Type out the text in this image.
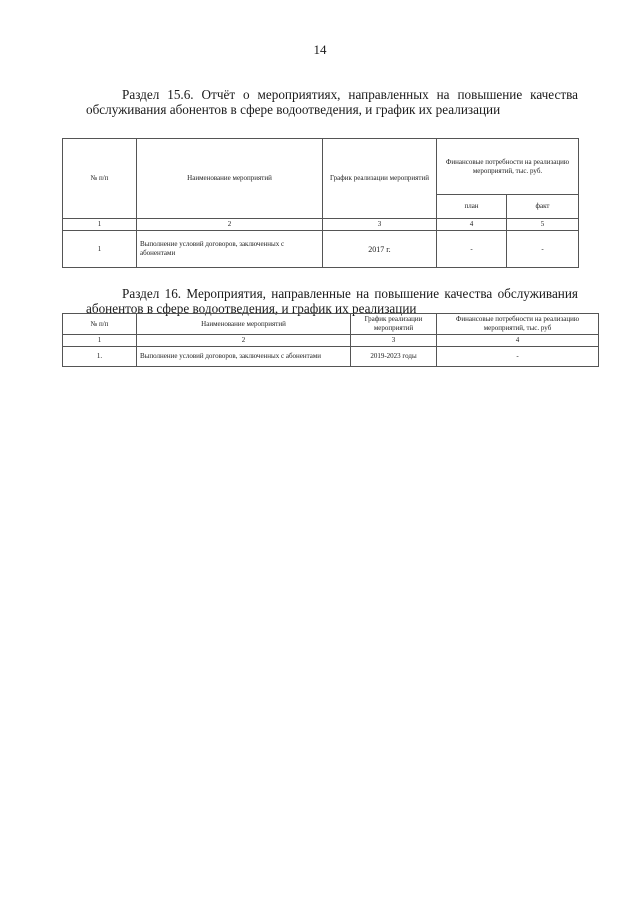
14

Раздел 15.6. Отчёт о мероприятиях, направленных на повышение качества обслуживания абонентов в сфере водоотведения, и график их реализации

№ п/п	Наименование мероприятий	График реализации мероприятий	Финансовые потребности на реализацию мероприятий, тыс. руб.	
			план	факт
1	2	3	4	5
1	Выполнение условий договоров, заключенных с абонентами	2017 г.	-	-

Раздел 16. Мероприятия, направленные на повышение качества обслуживания абонентов в сфере водоотведения, и график их реализации

№ п/п	Наименование мероприятий	График реализации мероприятий	Финансовые потребности на реализацию мероприятий, тыс. руб
1	2	3	4
1.	Выполнение условий договоров, заключенных с абонентами	2019-2023 годы	-
